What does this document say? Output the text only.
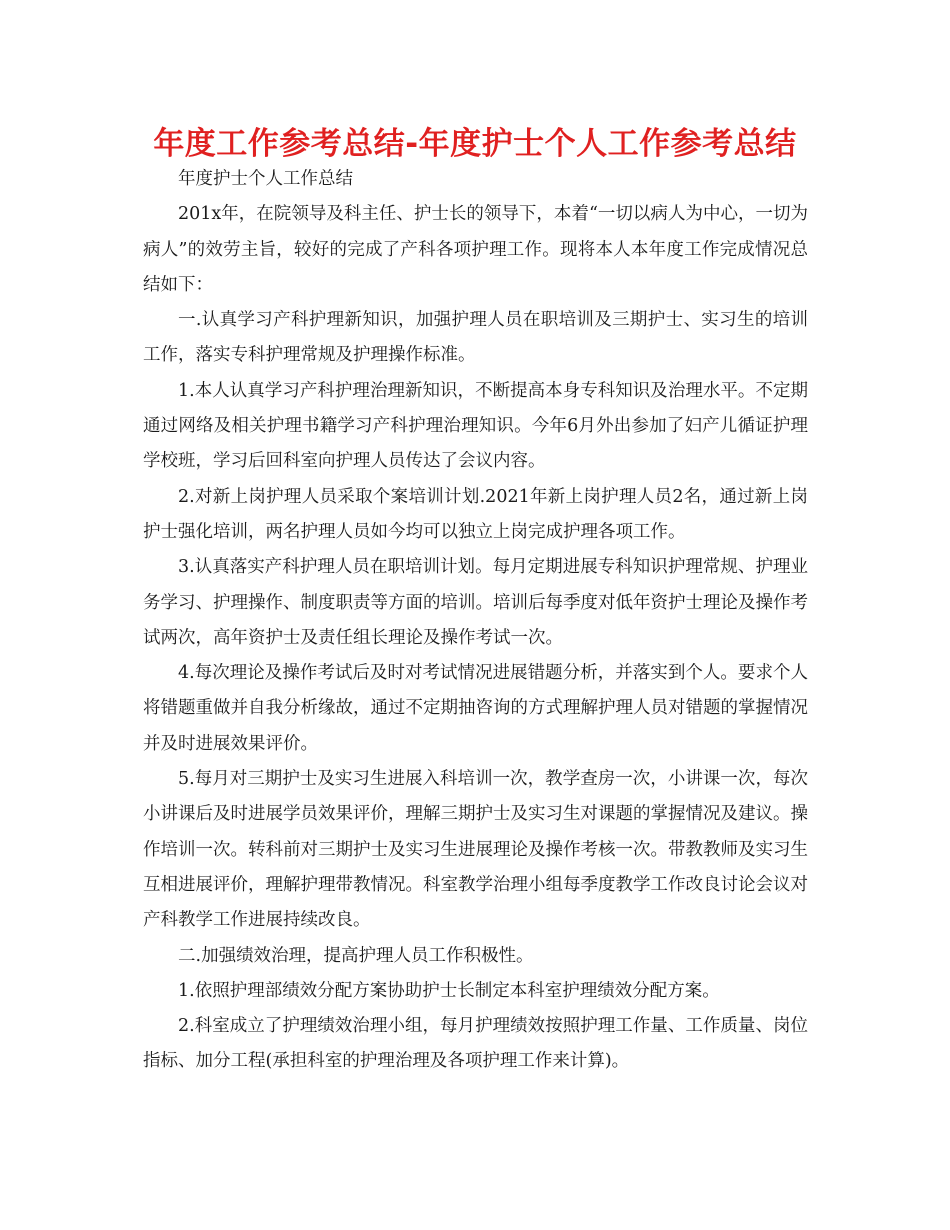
年度工作参考总结-年度护士个人工作参考总结

年度护士个人工作总结

201x年，在院领导及科主任、护士长的领导下，本着“一切以病人为中心，一切为病人”的效劳主旨，较好的完成了产科各项护理工作。现将本人本年度工作完成情况总结如下：

一.认真学习产科护理新知识，加强护理人员在职培训及三期护士、实习生的培训工作，落实专科护理常规及护理操作标准。

1.本人认真学习产科护理治理新知识，不断提高本身专科知识及治理水平。不定期通过网络及相关护理书籍学习产科护理治理知识。今年6月外出参加了妇产儿循证护理学校班，学习后回科室向护理人员传达了会议内容。

2.对新上岗护理人员采取个案培训计划.2021年新上岗护理人员2名，通过新上岗护士强化培训，两名护理人员如今均可以独立上岗完成护理各项工作。

3.认真落实产科护理人员在职培训计划。每月定期进展专科知识护理常规、护理业务学习、护理操作、制度职责等方面的培训。培训后每季度对低年资护士理论及操作考试两次，高年资护士及责任组长理论及操作考试一次。

4.每次理论及操作考试后及时对考试情况进展错题分析，并落实到个人。要求个人将错题重做并自我分析缘故，通过不定期抽咨询的方式理解护理人员对错题的掌握情况并及时进展效果评价。

5.每月对三期护士及实习生进展入科培训一次，教学查房一次，小讲课一次，每次小讲课后及时进展学员效果评价，理解三期护士及实习生对课题的掌握情况及建议。操作培训一次。转科前对三期护士及实习生进展理论及操作考核一次。带教教师及实习生互相进展评价，理解护理带教情况。科室教学治理小组每季度教学工作改良讨论会议对产科教学工作进展持续改良。

二.加强绩效治理，提高护理人员工作积极性。

1.依照护理部绩效分配方案协助护士长制定本科室护理绩效分配方案。

2.科室成立了护理绩效治理小组，每月护理绩效按照护理工作量、工作质量、岗位指标、加分工程(承担科室的护理治理及各项护理工作来计算)。
